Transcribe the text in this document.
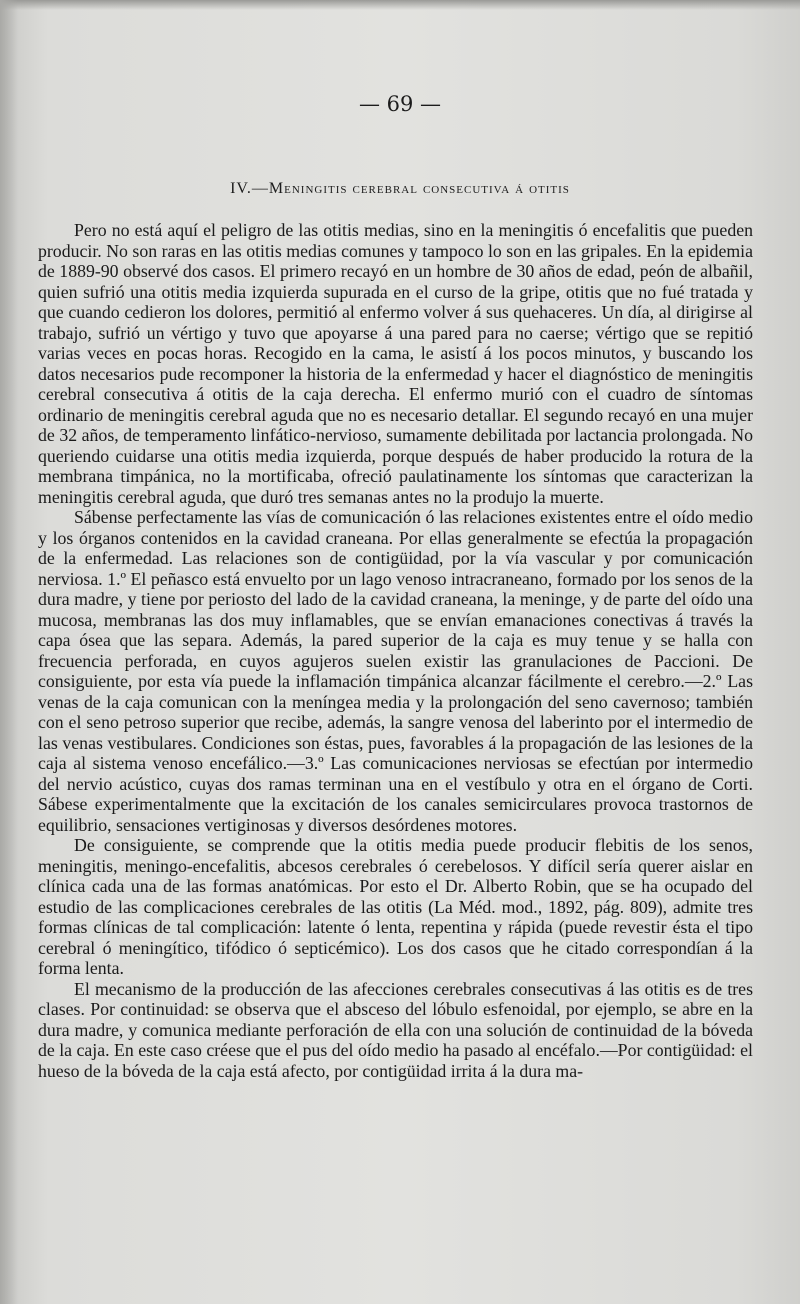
— 69 —
IV.—Meningitis cerebral consecutiva á otitis

Pero no está aquí el peligro de las otitis medias, sino en la meningitis ó encefalitis que pueden producir. No son raras en las otitis medias comunes y tampoco lo son en las gripales. En la epidemia de 1889-90 observé dos casos. El primero recayó en un hombre de 30 años de edad, peón de albañil, quien sufrió una otitis media izquierda supurada en el curso de la gripe, otitis que no fué tratada y que cuando cedieron los dolores, permitió al enfermo volver á sus quehaceres. Un día, al dirigirse al trabajo, sufrió un vértigo y tuvo que apoyarse á una pared para no caerse; vértigo que se repitió varias veces en pocas horas. Recogido en la cama, le asistí á los pocos minutos, y buscando los datos necesarios pude recomponer la historia de la enfermedad y hacer el diagnóstico de meningitis cerebral consecutiva á otitis de la caja derecha. El enfermo murió con el cuadro de síntomas ordinario de meningitis cerebral aguda que no es necesario detallar. El segundo recayó en una mujer de 32 años, de temperamento linfático-nervioso, sumamente debilitada por lactancia prolongada. No queriendo cuidarse una otitis media izquierda, porque después de haber producido la rotura de la membrana timpánica, no la mortificaba, ofreció paulatinamente los síntomas que caracterizan la meningitis cerebral aguda, que duró tres semanas antes no la produjo la muerte.

Sábense perfectamente las vías de comunicación ó las relaciones existentes entre el oído medio y los órganos contenidos en la cavidad craneana. Por ellas generalmente se efectúa la propagación de la enfermedad. Las relaciones son de contigüidad, por la vía vascular y por comunicación nerviosa. 1.º El peñasco está envuelto por un lago venoso intracraneano, formado por los senos de la dura madre, y tiene por periosto del lado de la cavidad craneana, la meninge, y de parte del oído una mucosa, membranas las dos muy inflamables, que se envían emanaciones conectivas á través la capa ósea que las separa. Además, la pared superior de la caja es muy tenue y se halla con frecuencia perforada, en cuyos agujeros suelen existir las granulaciones de Paccioni. De consiguiente, por esta vía puede la inflamación timpánica alcanzar fácilmente el cerebro.—2.º Las venas de la caja comunican con la meníngea media y la prolongación del seno cavernoso; también con el seno petroso superior que recibe, además, la sangre venosa del laberinto por el intermedio de las venas vestibulares. Condiciones son éstas, pues, favorables á la propagación de las lesiones de la caja al sistema venoso encefálico.—3.º Las comunicaciones nerviosas se efectúan por intermedio del nervio acústico, cuyas dos ramas terminan una en el vestíbulo y otra en el órgano de Corti. Sábese experimentalmente que la excitación de los canales semicirculares provoca trastornos de equilibrio, sensaciones vertiginosas y diversos desórdenes motores.

De consiguiente, se comprende que la otitis media puede producir flebitis de los senos, meningitis, meningo-encefalitis, abcesos cerebrales ó cerebelosos. Y difícil sería querer aislar en clínica cada una de las formas anatómicas. Por esto el Dr. Alberto Robin, que se ha ocupado del estudio de las complicaciones cerebrales de las otitis (La Méd. mod., 1892, pág. 809), admite tres formas clínicas de tal complicación: latente ó lenta, repentina y rápida (puede revestir ésta el tipo cerebral ó meningítico, tifódico ó septicémico). Los dos casos que he citado correspondían á la forma lenta.

El mecanismo de la producción de las afecciones cerebrales consecutivas á las otitis es de tres clases. Por continuidad: se observa que el absceso del lóbulo esfenoidal, por ejemplo, se abre en la dura madre, y comunica mediante perforación de ella con una solución de continuidad de la bóveda de la caja. En este caso créese que el pus del oído medio ha pasado al encéfalo.—Por contigüidad: el hueso de la bóveda de la caja está afecto, por contigüidad irrita á la dura ma-
